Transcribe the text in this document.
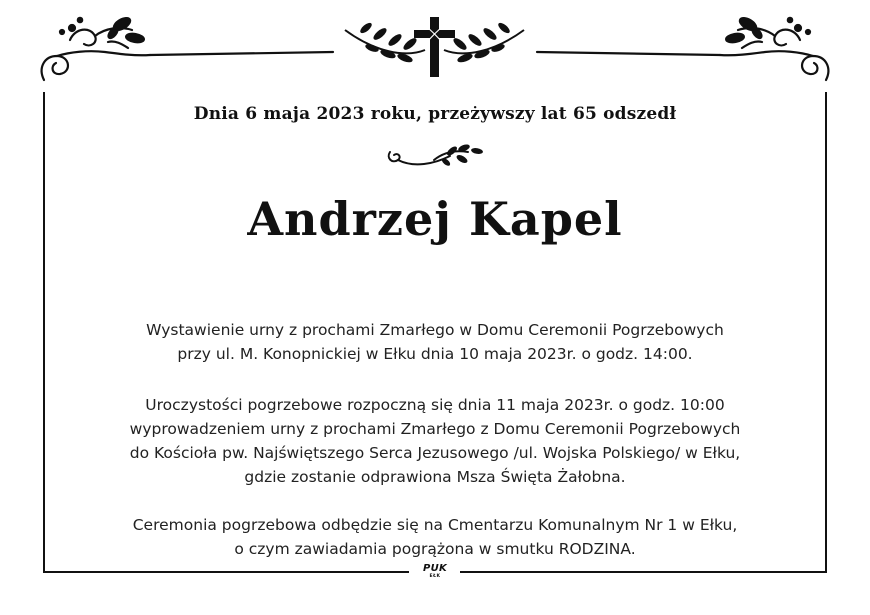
Dnia 6 maja 2023 roku, przeżywszy lat 65 odszedł
Andrzej Kapel
Wystawienie urny z prochami Zmarłego w Domu Ceremonii Pogrzebowych
przy ul. M. Konopnickiej w Ełku dnia 10 maja 2023r. o godz. 14:00.
Uroczystości pogrzebowe rozpoczną się dnia 11 maja 2023r. o godz. 10:00
wyprowadzeniem urny z prochami Zmarłego z Domu Ceremonii Pogrzebowych
do Kościoła pw. Najświętszego Serca Jezusowego /ul. Wojska Polskiego/ w Ełku,
gdzie zostanie odprawiona Msza Święta Żałobna.
Ceremonia pogrzebowa odbędzie się na Cmentarzu Komunalnym Nr 1 w Ełku,
o czym zawiadamia pogrążona w smutku RODZINA.
PUK
EŁK
